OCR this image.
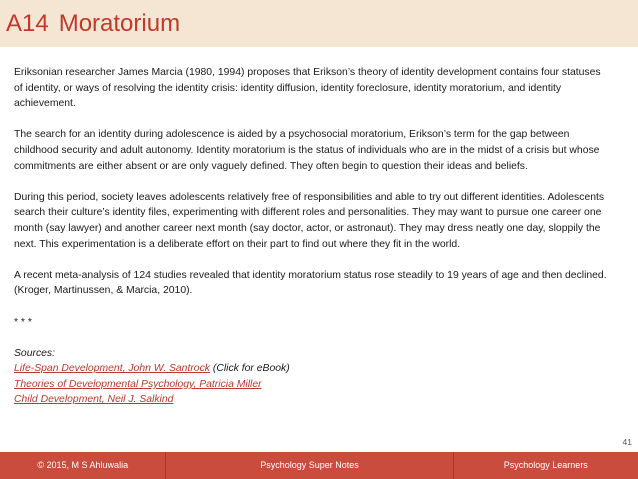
A14 Moratorium

Eriksonian researcher James Marcia (1980, 1994) proposes that Erikson’s theory of identity development contains four statuses of identity, or ways of resolving the identity crisis: identity diffusion, identity foreclosure, identity moratorium, and identity achievement.

The search for an identity during adolescence is aided by a psychosocial moratorium, Erikson’s term for the gap between childhood security and adult autonomy. Identity moratorium is the status of individuals who are in the midst of a crisis but whose commitments are either absent or are only vaguely defined. They often begin to question their ideas and beliefs.

During this period, society leaves adolescents relatively free of responsibilities and able to try out different identities. Adolescents search their culture’s identity files, experimenting with different roles and personalities. They may want to pursue one career one month (say lawyer) and another career next month (say doctor, actor, or astronaut). They may dress neatly one day, sloppily the next. This experimentation is a deliberate effort on their part to find out where they fit in the world.

A recent meta-analysis of 124 studies revealed that identity moratorium status rose steadily to 19 years of age and then declined. (Kroger, Martinussen, & Marcia, 2010).

* * *

Sources:
Life-Span Development, John W. Santrock (Click for eBook)
Theories of Developmental Psychology, Patricia Miller
Child Development, Neil J. Salkind
41
© 2015, M S Ahluwalia	Psychology Super Notes	Psychology Learners
